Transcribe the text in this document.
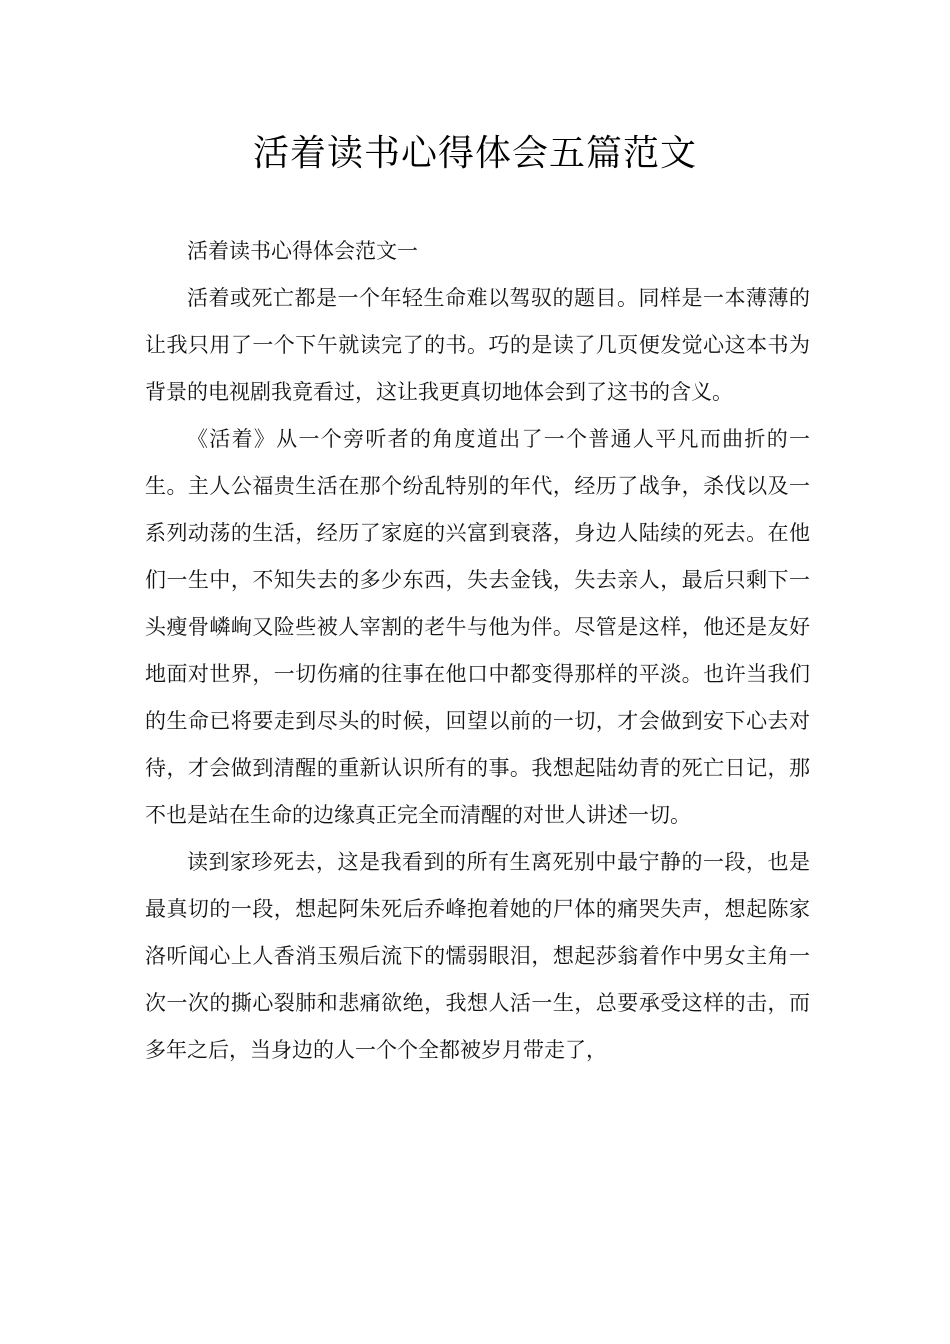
活着读书心得体会五篇范文

活着读书心得体会范文一

活着或死亡都是一个年轻生命难以驾驭的题目。同样是一本薄薄的让我只用了一个下午就读完了的书。巧的是读了几页便发觉心这本书为背景的电视剧我竟看过，这让我更真切地体会到了这书的含义。

《活着》从一个旁听者的角度道出了一个普通人平凡而曲折的一生。主人公福贵生活在那个纷乱特别的年代，经历了战争，杀伐以及一系列动荡的生活，经历了家庭的兴富到衰落，身边人陆续的死去。在他们一生中，不知失去的多少东西，失去金钱，失去亲人，最后只剩下一头瘦骨嶙峋又险些被人宰割的老牛与他为伴。尽管是这样，他还是友好地面对世界，一切伤痛的往事在他口中都变得那样的平淡。也许当我们的生命已将要走到尽头的时候，回望以前的一切，才会做到安下心去对待，才会做到清醒的重新认识所有的事。我想起陆幼青的死亡日记，那不也是站在生命的边缘真正完全而清醒的对世人讲述一切。

读到家珍死去，这是我看到的所有生离死别中最宁静的一段，也是最真切的一段，想起阿朱死后乔峰抱着她的尸体的痛哭失声，想起陈家洛听闻心上人香消玉殒后流下的懦弱眼泪，想起莎翁着作中男女主角一次一次的撕心裂肺和悲痛欲绝，我想人活一生，总要承受这样的击，而多年之后，当身边的人一个个全都被岁月带走了，
